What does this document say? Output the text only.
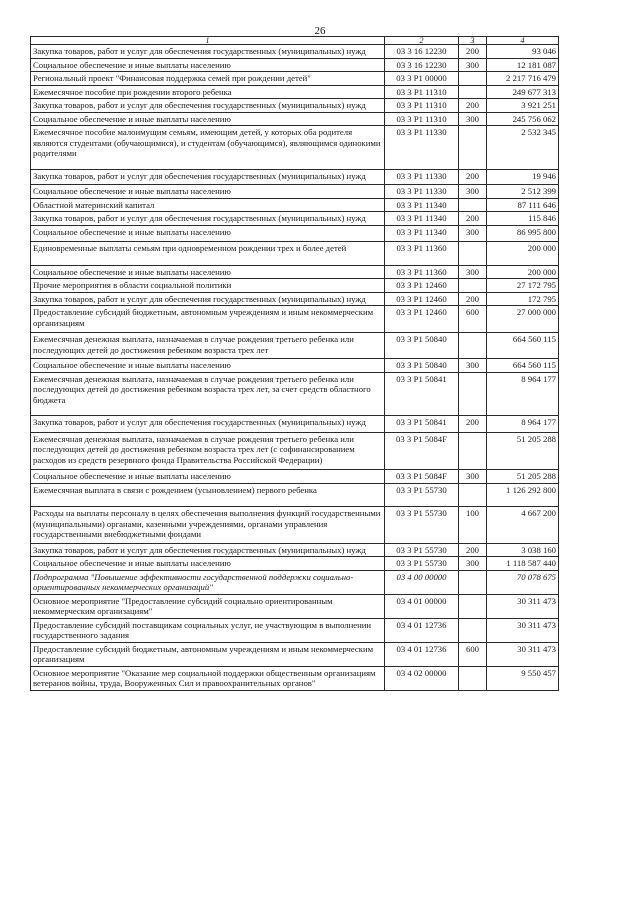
26
1	2	3	4
Закупка товаров, работ и услуг для обеспечения государственных (муниципальных) нужд	03 3 16 12230	200	93 046
Социальное обеспечение и иные выплаты населению	03 3 16 12230	300	12 181 087
Региональный проект "Финансовая поддержка семей при рождении детей"	03 3 Р1 00000		2 217 716 479
Ежемесячное пособие при рождении второго ребенка	03 3 Р1 11310		249 677 313
Закупка товаров, работ и услуг для обеспечения государственных (муниципальных) нужд	03 3 Р1 11310	200	3 921 251
Социальное обеспечение и иные выплаты населению	03 3 Р1 11310	300	245 756 062
Ежемесячное пособие малоимущим семьям, имеющим детей, у которых оба родителя являются студентами (обучающимися), и студентам (обучающимся), являющимся одинокими родителями	03 3 Р1 11330		2 532 345
Закупка товаров, работ и услуг для обеспечения государственных (муниципальных) нужд	03 3 Р1 11330	200	19 946
Социальное обеспечение и иные выплаты населению	03 3 Р1 11330	300	2 512 399
Областной материнский капитал	03 3 Р1 11340		87 111 646
Закупка товаров, работ и услуг для обеспечения государственных (муниципальных) нужд	03 3 Р1 11340	200	115 846
Социальное обеспечение и иные выплаты населению	03 3 Р1 11340	300	86 995 800
Единовременные выплаты семьям при одновременном рождении трех и более детей	03 3 Р1 11360		200 000
Социальное обеспечение и иные выплаты населению	03 3 Р1 11360	300	200 000
Прочие мероприятия в области социальной политики	03 3 Р1 12460		27 172 795
Закупка товаров, работ и услуг для обеспечения государственных (муниципальных) нужд	03 3 Р1 12460	200	172 795
Предоставление субсидий бюджетным, автономным учреждениям и иным некоммерческим организациям	03 3 Р1 12460	600	27 000 000
Ежемесячная денежная выплата, назначаемая в случае рождения третьего ребенка или последующих детей до достижения ребенком возраста трех лет	03 3 Р1 50840		664 560 115
Социальное обеспечение и иные выплаты населению	03 3 Р1 50840	300	664 560 115
Ежемесячная денежная выплата, назначаемая в случае рождения третьего ребенка или последующих детей до достижения ребенком возраста трех лет, за счет средств областного бюджета	03 3 Р1 50841		8 964 177
Закупка товаров, работ и услуг для обеспечения государственных (муниципальных) нужд	03 3 Р1 50841	200	8 964 177
Ежемесячная денежная выплата, назначаемая в случае рождения третьего ребенка или последующих детей до достижения ребенком возраста трех лет (с софинансированием расходов из средств резервного фонда Правительства Российской Федерации)	03 3 Р1 5084F		51 205 288
Социальное обеспечение и иные выплаты населению	03 3 Р1 5084F	300	51 205 288
Ежемесячная выплата в связи с рождением (усыновлением) первого ребенка	03 3 Р1 55730		1 126 292 800
Расходы на выплаты персоналу в целях обеспечения выполнения функций государственными (муниципальными) органами, казенными учреждениями, органами управления государственными внебюджетными фондами	03 3 Р1 55730	100	4 667 200
Закупка товаров, работ и услуг для обеспечения государственных (муниципальных) нужд	03 3 Р1 55730	200	3 038 160
Социальное обеспечение и иные выплаты населению	03 3 Р1 55730	300	1 118 587 440
Подпрограмма "Повышение эффективности государственной поддержки социально-ориентированных некоммерческих организаций"	03 4 00 00000		70 078 675
Основное мероприятие "Предоставление субсидий социально ориентированным некоммерческим организациям"	03 4 01 00000		30 311 473
Предоставление субсидий поставщикам социальных услуг, не участвующим в выполнении государственного задания	03 4 01 12736		30 311 473
Предоставление субсидий бюджетным, автономным учреждениям и иным некоммерческим организациям	03 4 01 12736	600	30 311 473
Основное мероприятие "Оказание мер социальной поддержки общественным организациям ветеранов войны, труда, Вооруженных Сил и правоохранительных органов"	03 4 02 00000		9 550 457
